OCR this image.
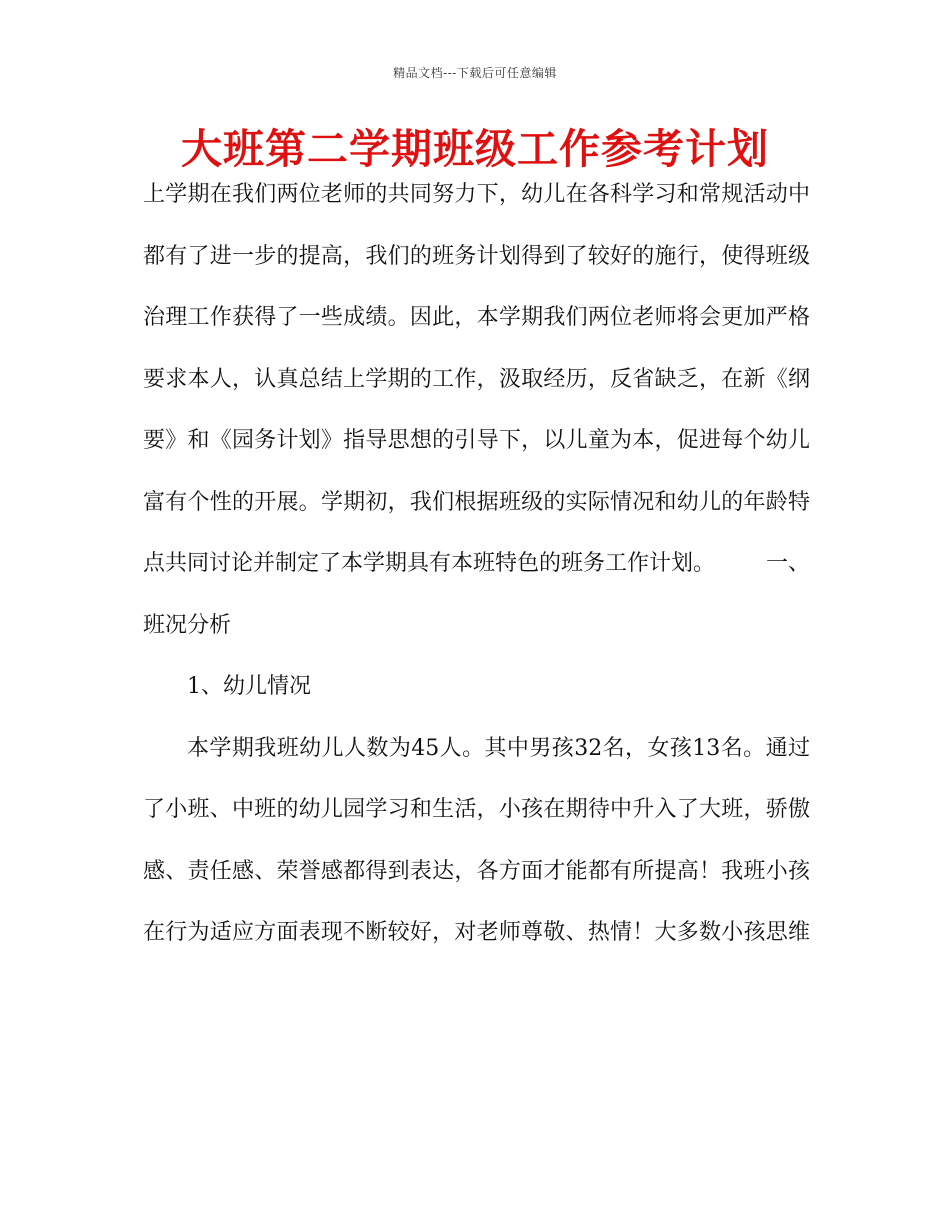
精品文档---下载后可任意编辑
大班第二学期班级工作参考计划
上学期在我们两位老师的共同努力下，幼儿在各科学习和常规活动中
都有了进一步的提高，我们的班务计划得到了较好的施行，使得班级
治理工作获得了一些成绩。因此，本学期我们两位老师将会更加严格
要求本人，认真总结上学期的工作，汲取经历，反省缺乏，在新《纲
要》和《园务计划》指导思想的引导下，以儿童为本，促进每个幼儿
富有个性的开展。学期初，我们根据班级的实际情况和幼儿的年龄特
点共同讨论并制定了本学期具有本班特色的班务工作计划。 一、
班况分析
1、幼儿情况
本学期我班幼儿人数为45人。其中男孩32名，女孩13名。通过
了小班、中班的幼儿园学习和生活，小孩在期待中升入了大班，骄傲
感、责任感、荣誉感都得到表达，各方面才能都有所提高！我班小孩
在行为适应方面表现不断较好，对老师尊敬、热情！大多数小孩思维
